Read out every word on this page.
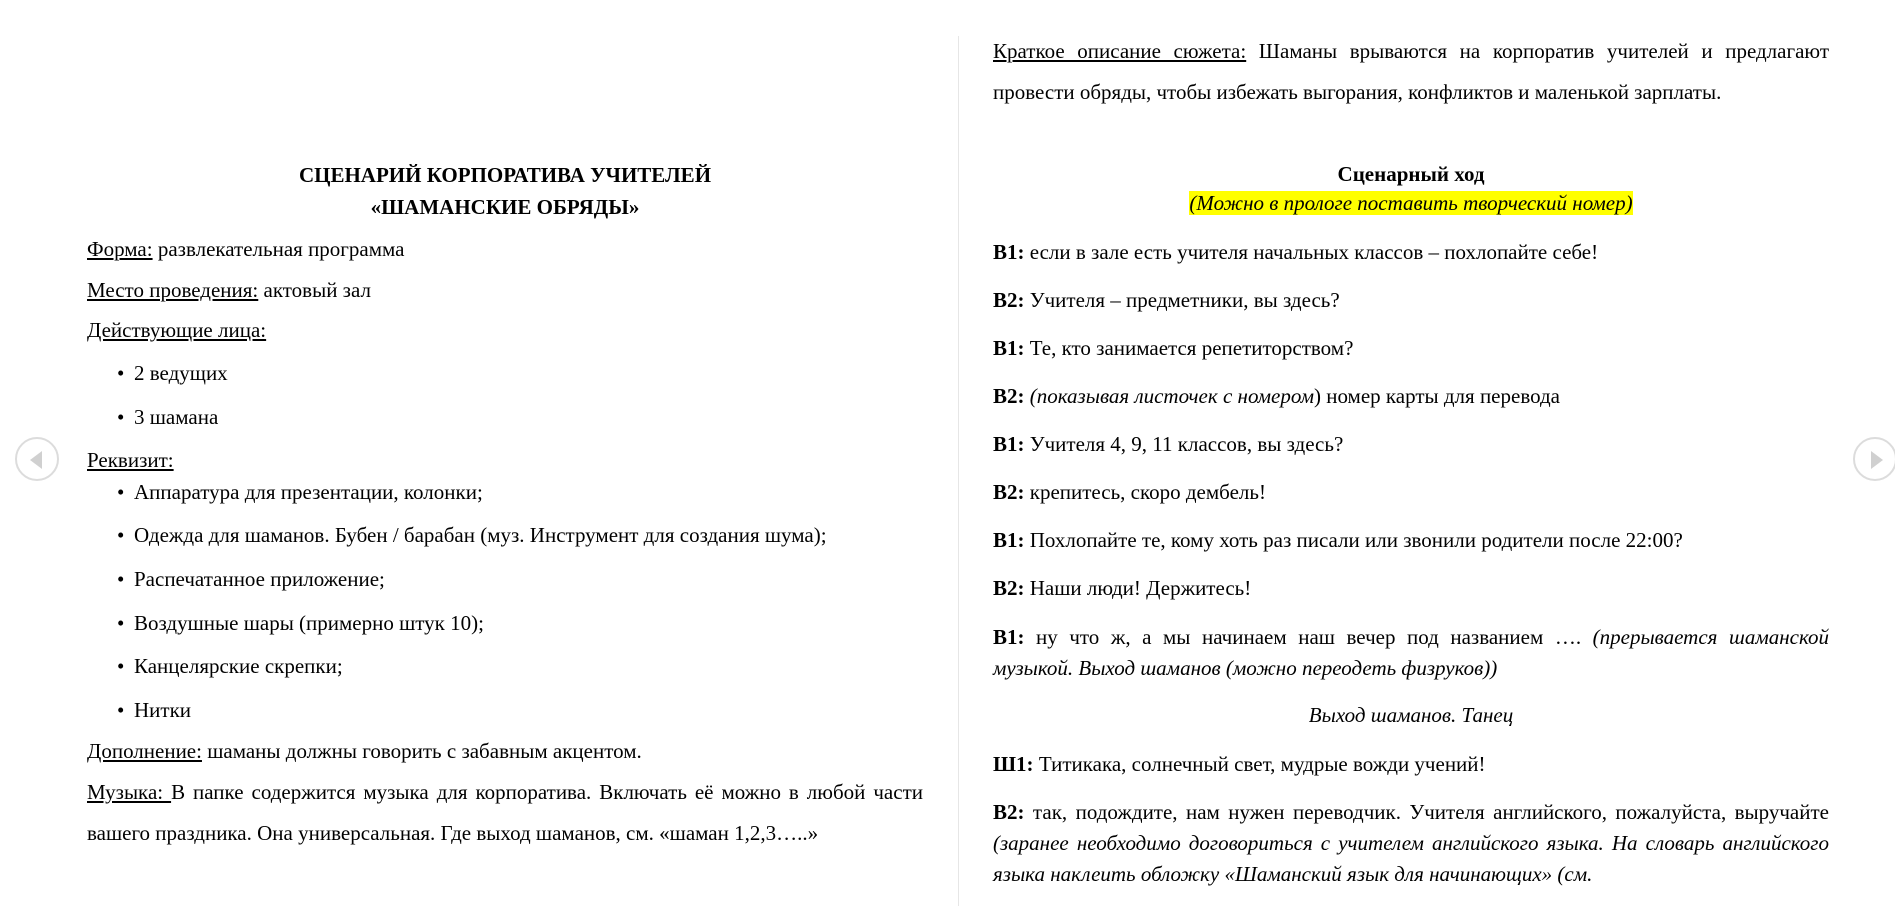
СЦЕНАРИЙ КОРПОРАТИВА УЧИТЕЛЕЙ
«ШАМАНСКИЕ ОБРЯДЫ»
Форма: развлекательная программа
Место проведения: актовый зал
Действующие лица:
• 2 ведущих
• 3 шамана
Реквизит:
• Аппаратура для презентации, колонки;
• Одежда для шаманов. Бубен / барабан (муз. Инструмент для создания шума);
• Распечатанное приложение;
• Воздушные шары (примерно штук 10);
• Канцелярские скрепки;
• Нитки
Дополнение: шаманы должны говорить с забавным акцентом.
Музыка: В папке содержится музыка для корпоратива. Включать её можно в любой части вашего праздника. Она универсальная. Где выход шаманов, см. «шаман 1,2,3…..»
Краткое описание сюжета: Шаманы врываются на корпоратив учителей и предлагают провести обряды, чтобы избежать выгорания, конфликтов и маленькой зарплаты.
Сценарный ход
(Можно в прологе поставить творческий номер)
В1: если в зале есть учителя начальных классов – похлопайте себе!
В2: Учителя – предметники, вы здесь?
В1: Те, кто занимается репетиторством?
В2: (показывая листочек с номером) номер карты для перевода
В1: Учителя 4, 9, 11 классов, вы здесь?
В2: крепитесь, скоро дембель!
В1: Похлопайте те, кому хоть раз писали или звонили родители после 22:00?
В2: Наши люди! Держитесь!
В1: ну что ж, а мы начинаем наш вечер под названием …. (прерывается шаманской музыкой. Выход шаманов (можно переодеть физруков))
Выход шаманов. Танец
Ш1: Титикака, солнечный свет, мудрые вожди учений!
В2: так, подождите, нам нужен переводчик. Учителя английского, пожалуйста, выручайте (заранее необходимо договориться с учителем английского языка. На словарь английского языка наклеить обложку «Шаманский язык для начинающих» (см.
